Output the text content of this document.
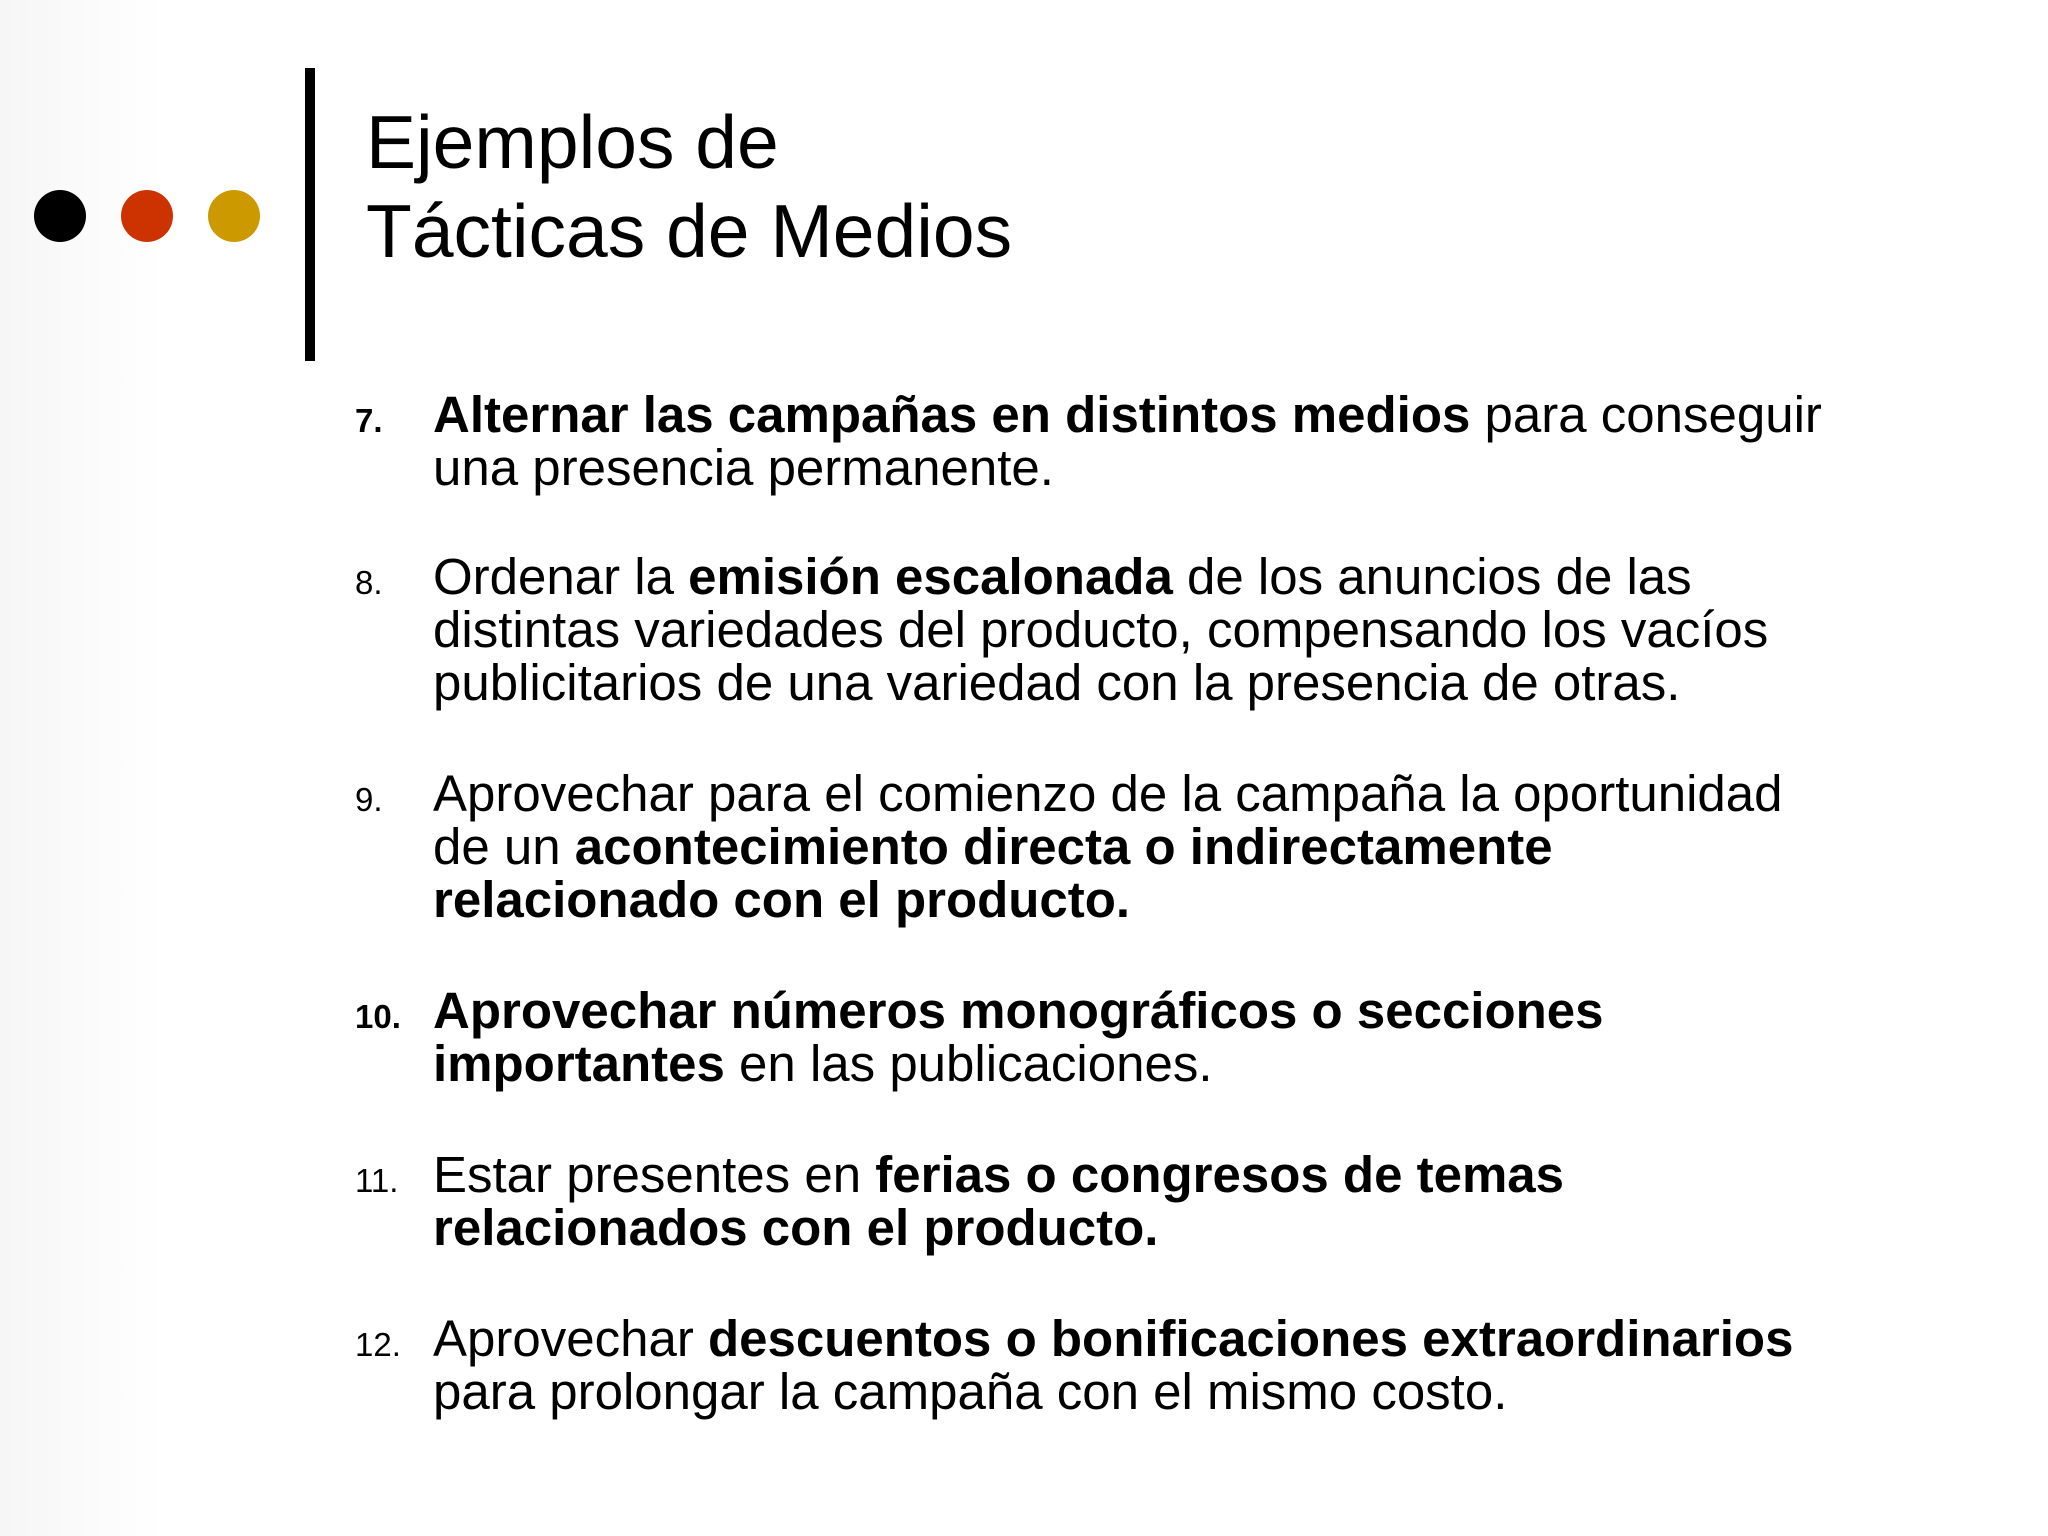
Ejemplos de
Tácticas de Medios
7. Alternar las campañas en distintos medios para conseguir
una presencia permanente.
8. Ordenar la emisión escalonada de los anuncios de las
distintas variedades del producto, compensando los vacíos
publicitarios de una variedad con la presencia de otras.
9. Aprovechar para el comienzo de la campaña la oportunidad
de un acontecimiento directa o indirectamente
relacionado con el producto.
10. Aprovechar números monográficos o secciones
importantes en las publicaciones.
11. Estar presentes en ferias o congresos de temas
relacionados con el producto.
12. Aprovechar descuentos o bonificaciones extraordinarios
para prolongar la campaña con el mismo costo.
